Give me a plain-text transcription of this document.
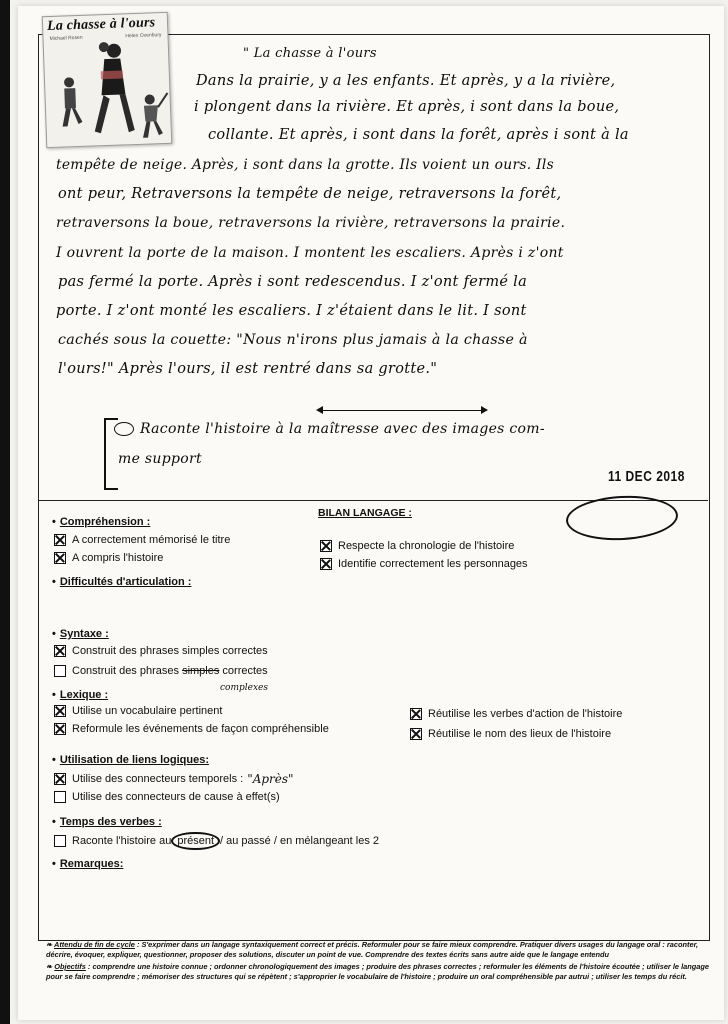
La chasse à l'ours
Michael Rosen	Helen Oxenbury
" La chasse à l'ours
Dans la prairie, y a les enfants. Et après, y a la rivière,
i plongent dans la rivière. Et après, i sont dans la boue,
collante. Et après, i sont dans la forêt, après i sont à la
tempête de neige. Après, i sont dans la grotte. Ils voient un ours. Ils
ont peur, Retraversons la tempête de neige, retraversons la forêt,
retraversons la boue, retraversons la rivière, retraversons la prairie.
I ouvrent la porte de la maison. I montent les escaliers. Après i z'ont
pas fermé la porte. Après i sont redescendus. I z'ont fermé la
porte. I z'ont monté les escaliers. I z'étaient dans le lit. I sont
cachés sous la couette: "Nous n'irons plus jamais à la chasse à
l'ours!" Après l'ours, il est rentré dans sa grotte."
Raconte l'histoire à la maîtresse avec des images com-
me support
11 DEC 2018
BILAN LANGAGE :
• Compréhension :
A correctement mémorisé le titre	Respecte la chronologie de l'histoire
A compris l'histoire	Identifie correctement les personnages
• Difficultés d'articulation :
• Syntaxe :
Construit des phrases simples correctes
Construit des phrases simples correctes
complexes
• Lexique :
Utilise un vocabulaire pertinent	Réutilise les verbes d'action de l'histoire
Reformule les événements de façon compréhensible	Réutilise le nom des lieux de l'histoire
• Utilisation de liens logiques:
Utilise des connecteurs temporels : "Après"
Utilise des connecteurs de cause à effet(s)
• Temps des verbes :
Raconte l'histoire au présent / au passé / en mélangeant les 2
• Remarques:

❧ Attendu de fin de cycle : S'exprimer dans un langage syntaxiquement correct et précis. Reformuler pour se faire mieux comprendre. Pratiquer divers usages du langage oral : raconter, décrire, évoquer, expliquer, questionner, proposer des solutions, discuter un point de vue. Comprendre des textes écrits sans autre aide que le langage entendu

❧ Objectifs : comprendre une histoire connue ; ordonner chronologiquement des images ; produire des phrases correctes ; reformuler les éléments de l'histoire écoutée ; utiliser le langage pour se faire comprendre ; mémoriser des structures qui se répètent ; s'approprier le vocabulaire de l'histoire ; produire un oral compréhensible par autrui ; utiliser les temps du récit.
